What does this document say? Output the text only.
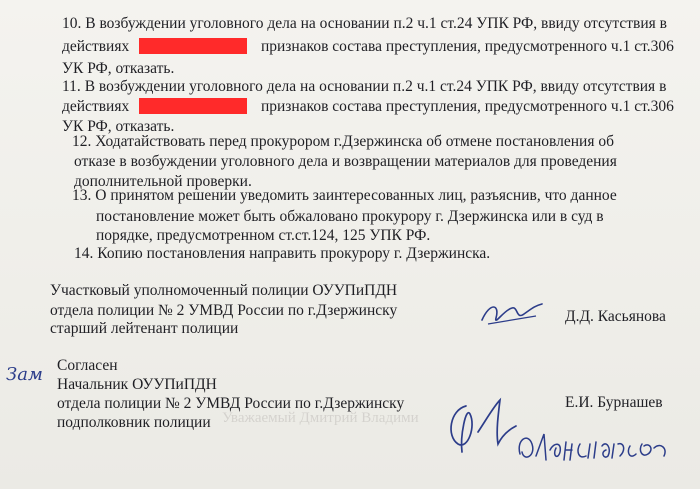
10. В возбуждении уголовного дела на основании п.2 ч.1 ст.24 УПК РФ, ввиду отсутствия в
действиях	признаков состава преступления, предусмотренного ч.1 ст.306
УК РФ, отказать.
11. В возбуждении уголовного дела на основании п.2 ч.1 ст.24 УПК РФ, ввиду отсутствия в
действиях	признаков состава преступления, предусмотренного ч.1 ст.306
УК РФ, отказать.
12. Ходатайствовать перед прокурором г.Дзержинска об отмене постановления об
отказе в возбуждении уголовного дела и возвращении материалов для проведения
дополнительной проверки.
13. О принятом решении уведомить заинтересованных лиц, разъяснив, что данное
постановление может быть обжаловано прокурору г. Дзержинска или в суд в
порядке, предусмотренном ст.ст.124, 125 УПК РФ.
14. Копию постановления направить прокурору г. Дзержинска.
Участковый уполномоченный полиции ОУУПиПДН
отдела полиции № 2 УМВД России по г.Дзержинску
старший лейтенант полиции
Д.Д. Касьянова
Зам Согласен
Начальник ОУУПиПДН
отдела полиции № 2 УМВД России по г.Дзержинску
подполковник полиции
Е.И. Бурнашев
Уважаемый Дмитрий Владими
